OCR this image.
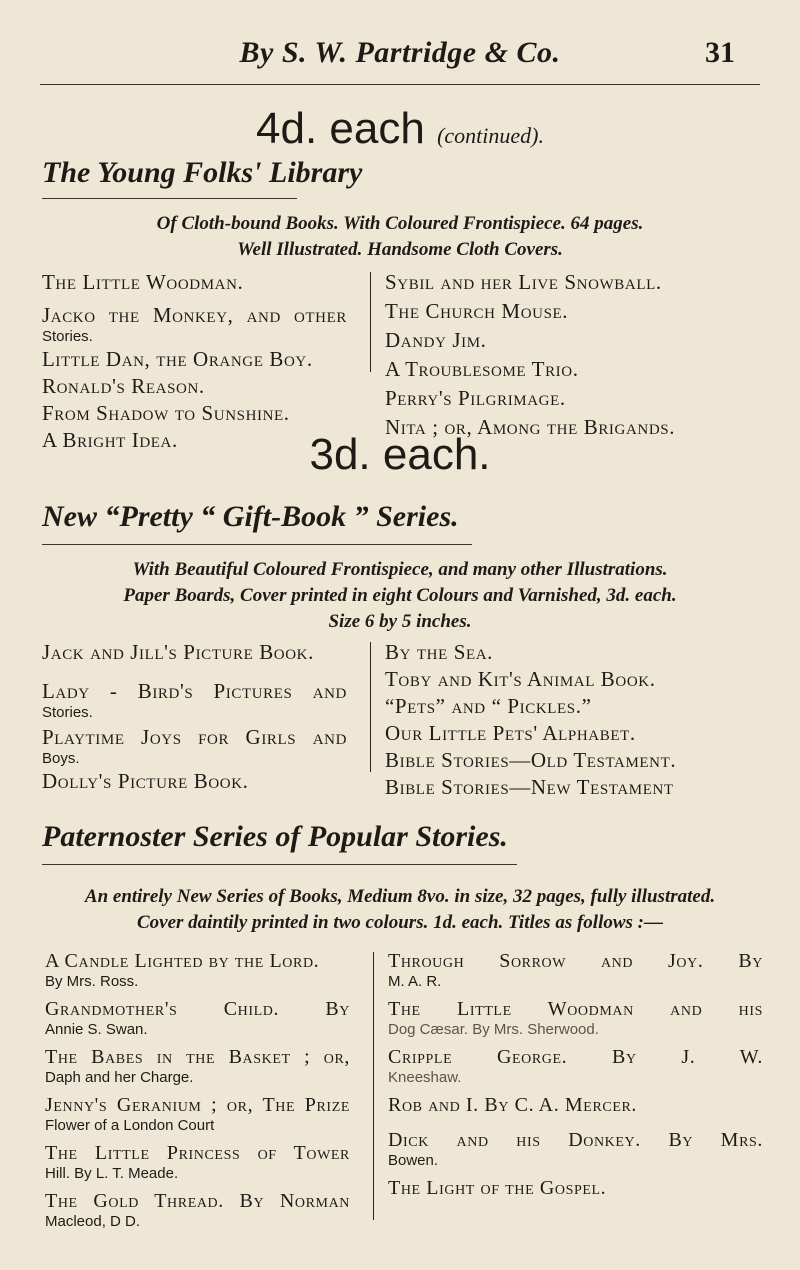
By S. W. Partridge & Co.	31
4d. each (continued).
The Young Folks' Library
Of Cloth-bound Books. With Coloured Frontispiece. 64 pages.
Well Illustrated. Handsome Cloth Covers.

The Little Woodman.

Jacko the Monkey, and other

Stories.

Little Dan, the Orange Boy.

Ronald's Reason.

From Shadow to Sunshine.

A Bright Idea.

Sybil and her Live Snowball.

The Church Mouse.

Dandy Jim.

A Troublesome Trio.

Perry's Pilgrimage.

Nita ; or, Among the Brigands.

3d. each.
New “Pretty “ Gift-Book ” Series.
With Beautiful Coloured Frontispiece, and many other Illustrations.
Paper Boards, Cover printed in eight Colours and Varnished, 3d. each.
Size 6 by 5 inches.

Jack and Jill's Picture Book.

Lady - Bird's Pictures and

Stories.

Playtime Joys for Girls and

Boys.

Dolly's Picture Book.

By the Sea.

Toby and Kit's Animal Book.

“Pets” and “ Pickles.”

Our Little Pets' Alphabet.

Bible Stories—Old Testament.

Bible Stories—New Testament

Paternoster Series of Popular Stories.
An entirely New Series of Books, Medium 8vo. in size, 32 pages, fully illustrated.
Cover daintily printed in two colours. 1d. each. Titles as follows :—

A Candle Lighted by the Lord.

By Mrs. Ross.

Grandmother's Child. By

Annie S. Swan.

The Babes in the Basket ; or,

Daph and her Charge.

Jenny's Geranium ; or, The Prize

Flower of a London Court

The Little Princess of Tower

Hill. By L. T. Meade.

The Gold Thread. By Norman

Macleod, D D.

Through Sorrow and Joy. By

M. A. R.

The Little Woodman and his

Dog Cæsar. By Mrs. Sherwood.

Cripple George. By J. W.

Kneeshaw.

Rob and I. By C. A. Mercer.

Dick and his Donkey. By Mrs.

Bowen.

The Light of the Gospel.
